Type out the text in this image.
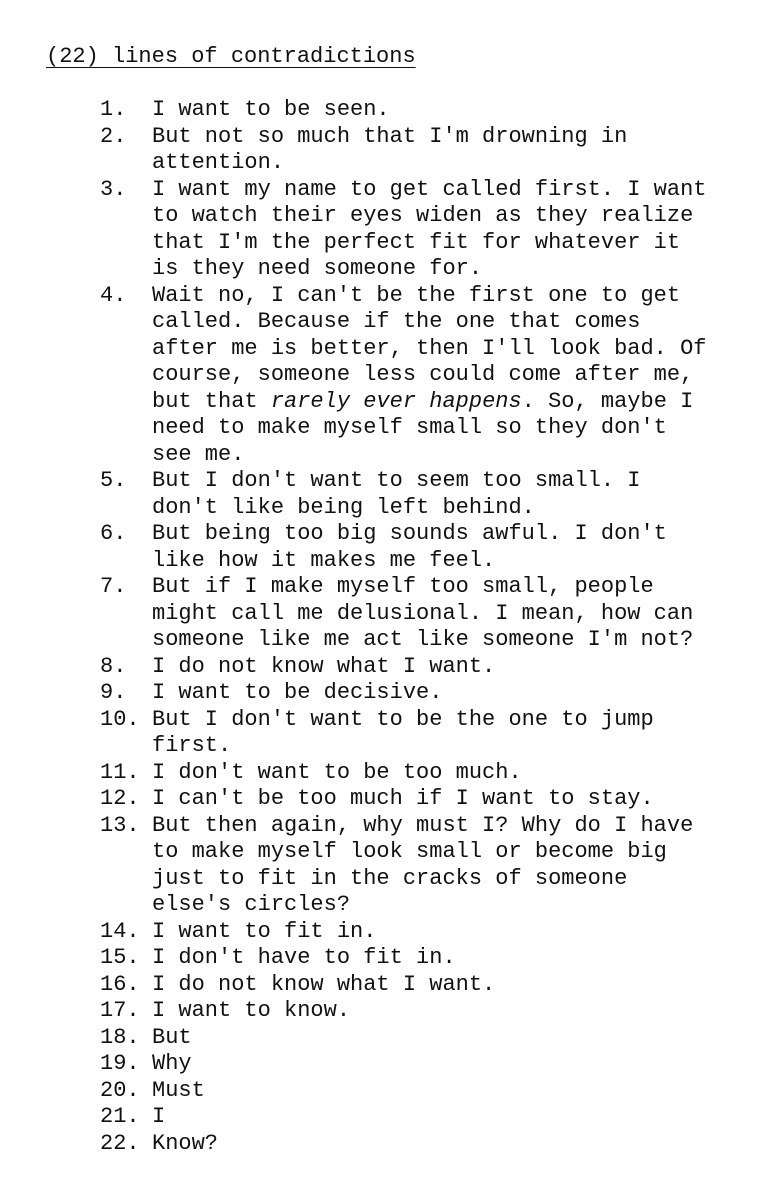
(22) lines of contradictions
1.	I want to be seen.
2.	But not so much that I'm drowning in attention.
3.	I want my name to get called first. I want to watch their eyes widen as they realize that I'm the perfect fit for whatever it is they need someone for.
4.	Wait no, I can't be the first one to get called. Because if the one that comes after me is better, then I'll look bad. Of course, someone less could come after me, but that rarely ever happens. So, maybe I need to make myself small so they don't see me.
5.	But I don't want to seem too small. I don't like being left behind.
6.	But being too big sounds awful. I don't like how it makes me feel.
7.	But if I make myself too small, people might call me delusional. I mean, how can someone like me act like someone I'm not?
8.	I do not know what I want.
9.	I want to be decisive.
10. But I don't want to be the one to jump first.
11. I don't want to be too much.
12. I can't be too much if I want to stay.
13. But then again, why must I? Why do I have to make myself look small or become big just to fit in the cracks of someone else's circles?
14. I want to fit in.
15. I don't have to fit in.
16. I do not know what I want.
17. I want to know.
18. But
19. Why
20. Must
21. I
22. Know?
